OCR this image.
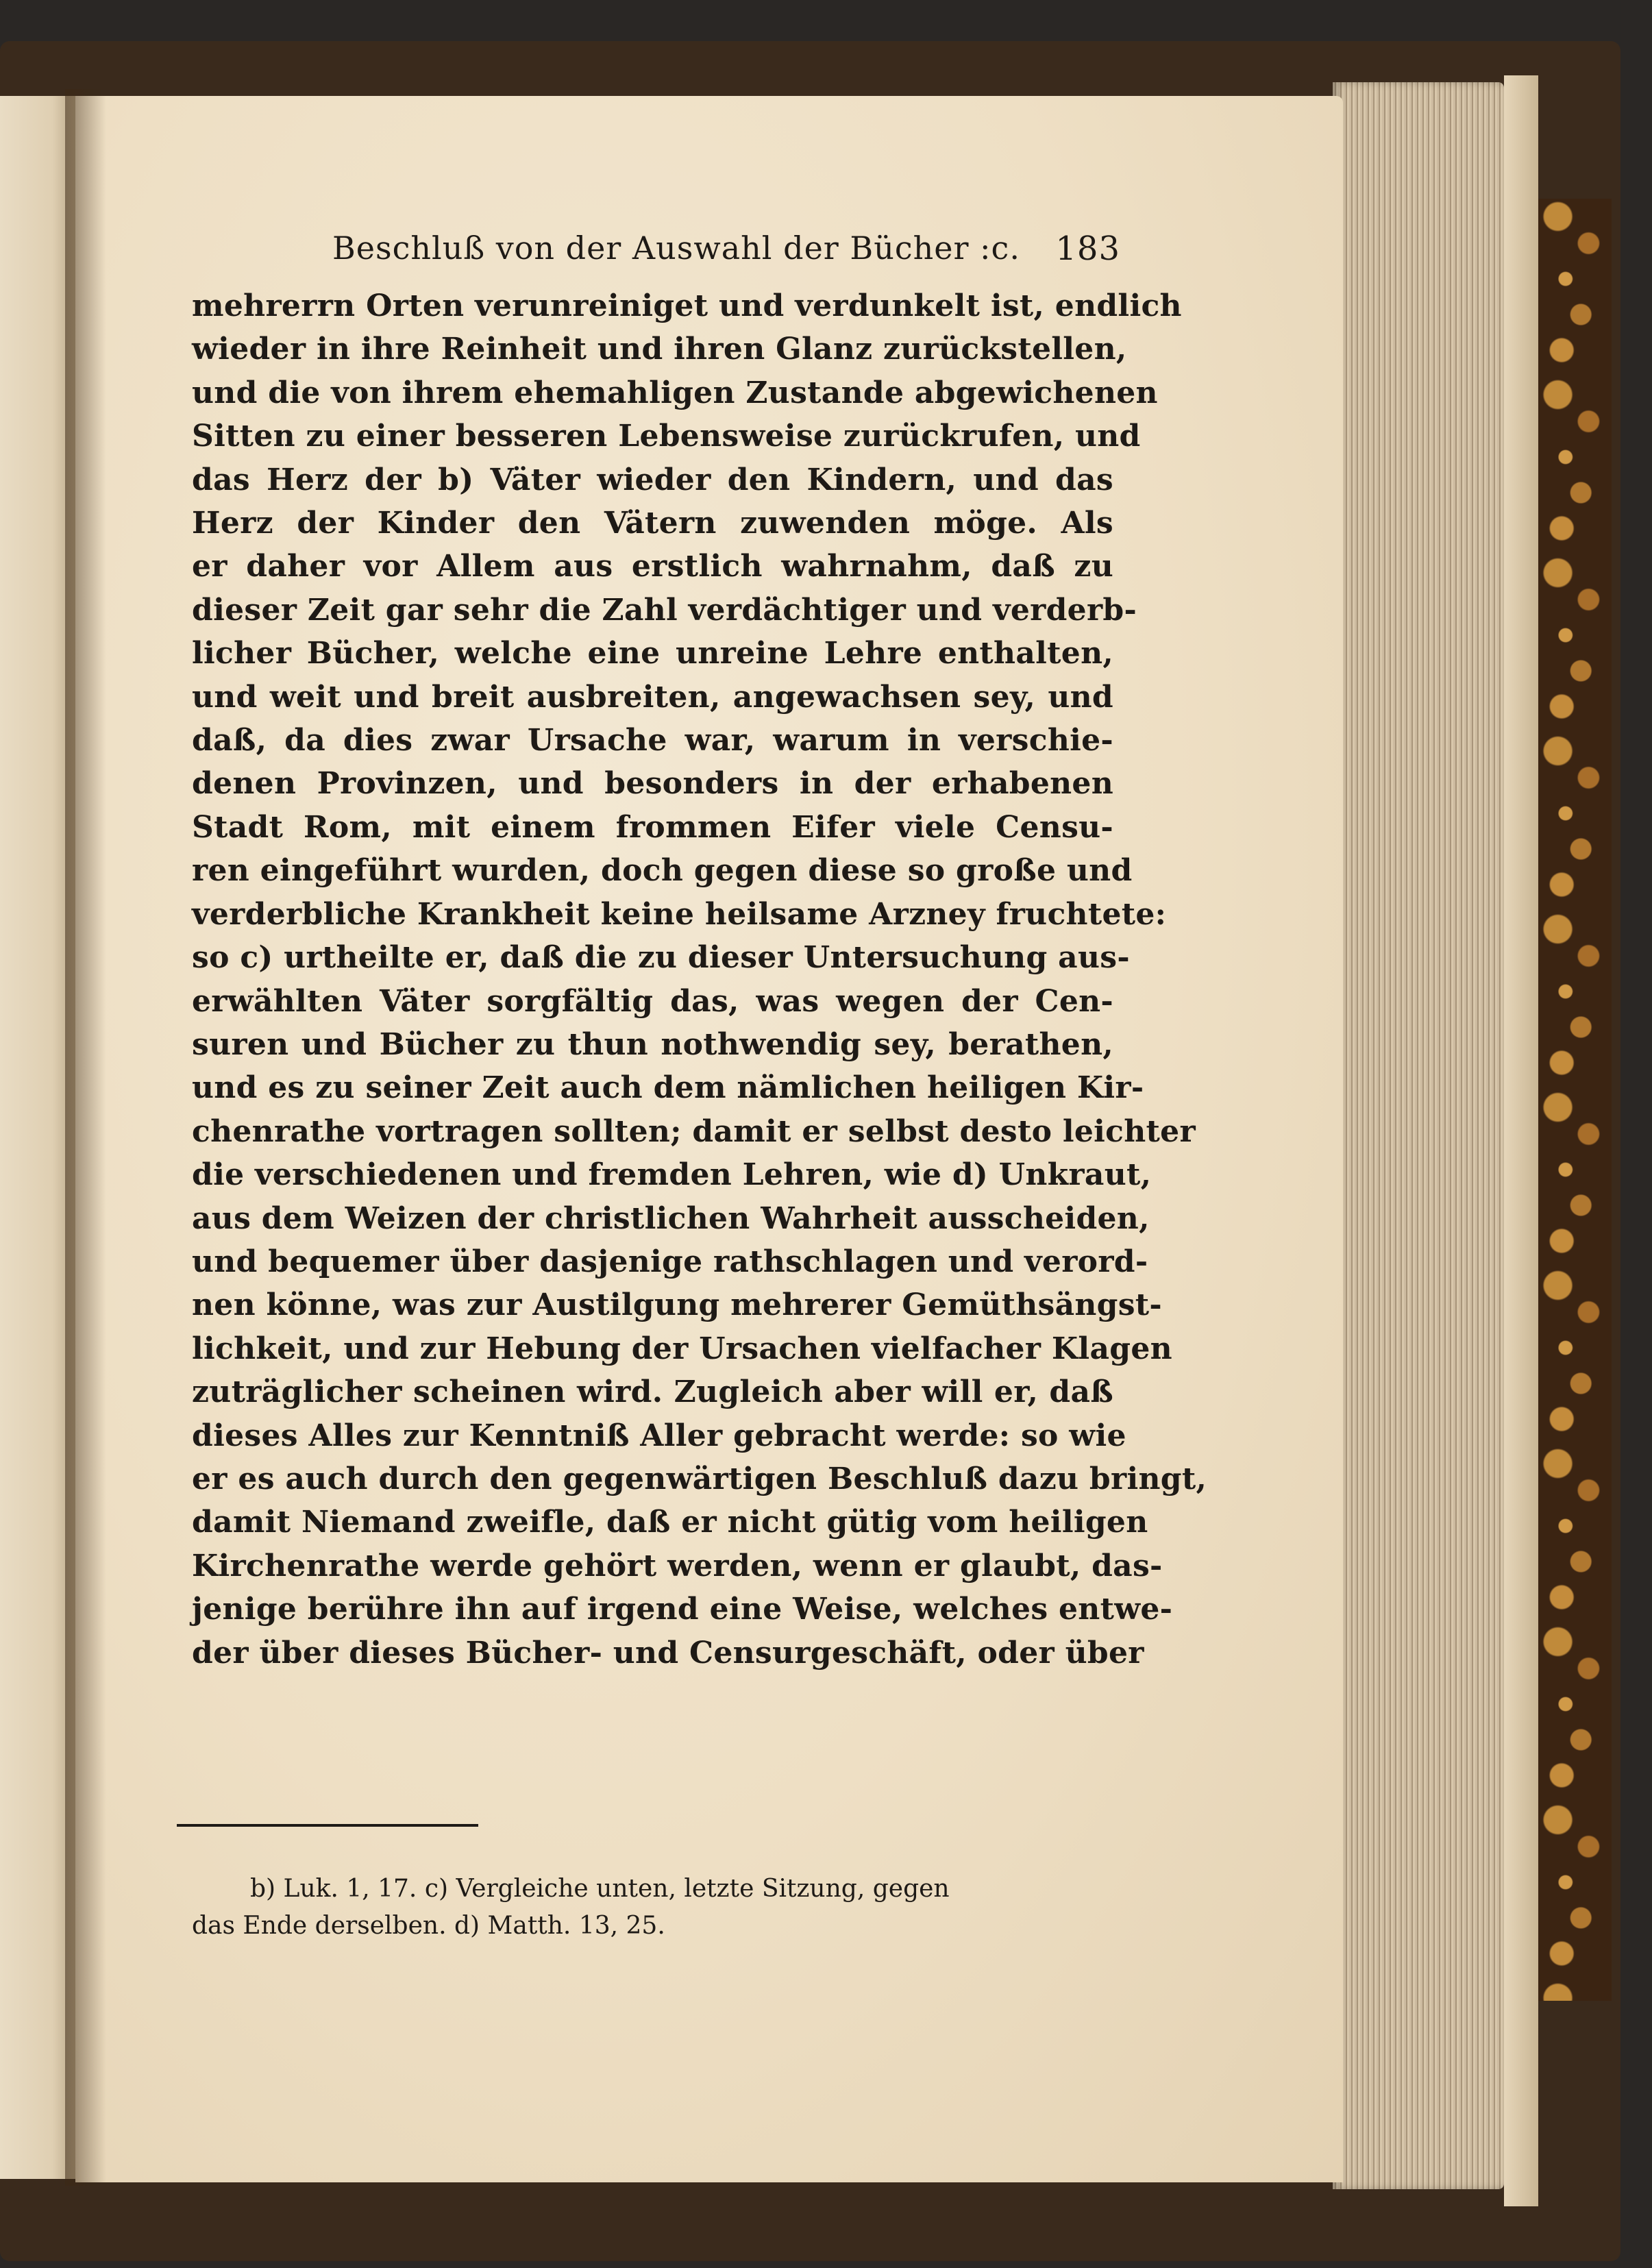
Beschluß von der Auswahl der Bücher :c. 183
mehrerrn Orten verunreiniget und verdunkelt ist, endlich
wieder in ihre Reinheit und ihren Glanz zurückstellen,
und die von ihrem ehemahligen Zustande abgewichenen
Sitten zu einer besseren Lebensweise zurückrufen, und
das Herz der b) Väter wieder den Kindern, und das
Herz der Kinder den Vätern zuwenden möge. Als
er daher vor Allem aus erstlich wahrnahm, daß zu
dieser Zeit gar sehr die Zahl verdächtiger und verderb-
licher Bücher, welche eine unreine Lehre enthalten,
und weit und breit ausbreiten, angewachsen sey, und
daß, da dies zwar Ursache war, warum in verschie-
denen Provinzen, und besonders in der erhabenen
Stadt Rom, mit einem frommen Eifer viele Censu-
ren eingeführt wurden, doch gegen diese so große und
verderbliche Krankheit keine heilsame Arzney fruchtete:
so c) urtheilte er, daß die zu dieser Untersuchung aus-
erwählten Väter sorgfältig das, was wegen der Cen-
suren und Bücher zu thun nothwendig sey, berathen,
und es zu seiner Zeit auch dem nämlichen heiligen Kir-
chenrathe vortragen sollten; damit er selbst desto leichter
die verschiedenen und fremden Lehren, wie d) Unkraut,
aus dem Weizen der christlichen Wahrheit ausscheiden,
und bequemer über dasjenige rathschlagen und verord-
nen könne, was zur Austilgung mehrerer Gemüthsängst-
lichkeit, und zur Hebung der Ursachen vielfacher Klagen
zuträglicher scheinen wird. Zugleich aber will er, daß
dieses Alles zur Kenntniß Aller gebracht werde: so wie
er es auch durch den gegenwärtigen Beschluß dazu bringt,
damit Niemand zweifle, daß er nicht gütig vom heiligen
Kirchenrathe werde gehört werden, wenn er glaubt, das-
jenige berühre ihn auf irgend eine Weise, welches entwe-
der über dieses Bücher- und Censurgeschäft, oder über
b) Luk. 1, 17. c) Vergleiche unten, letzte Sitzung, gegen
das Ende derselben. d) Matth. 13, 25.
